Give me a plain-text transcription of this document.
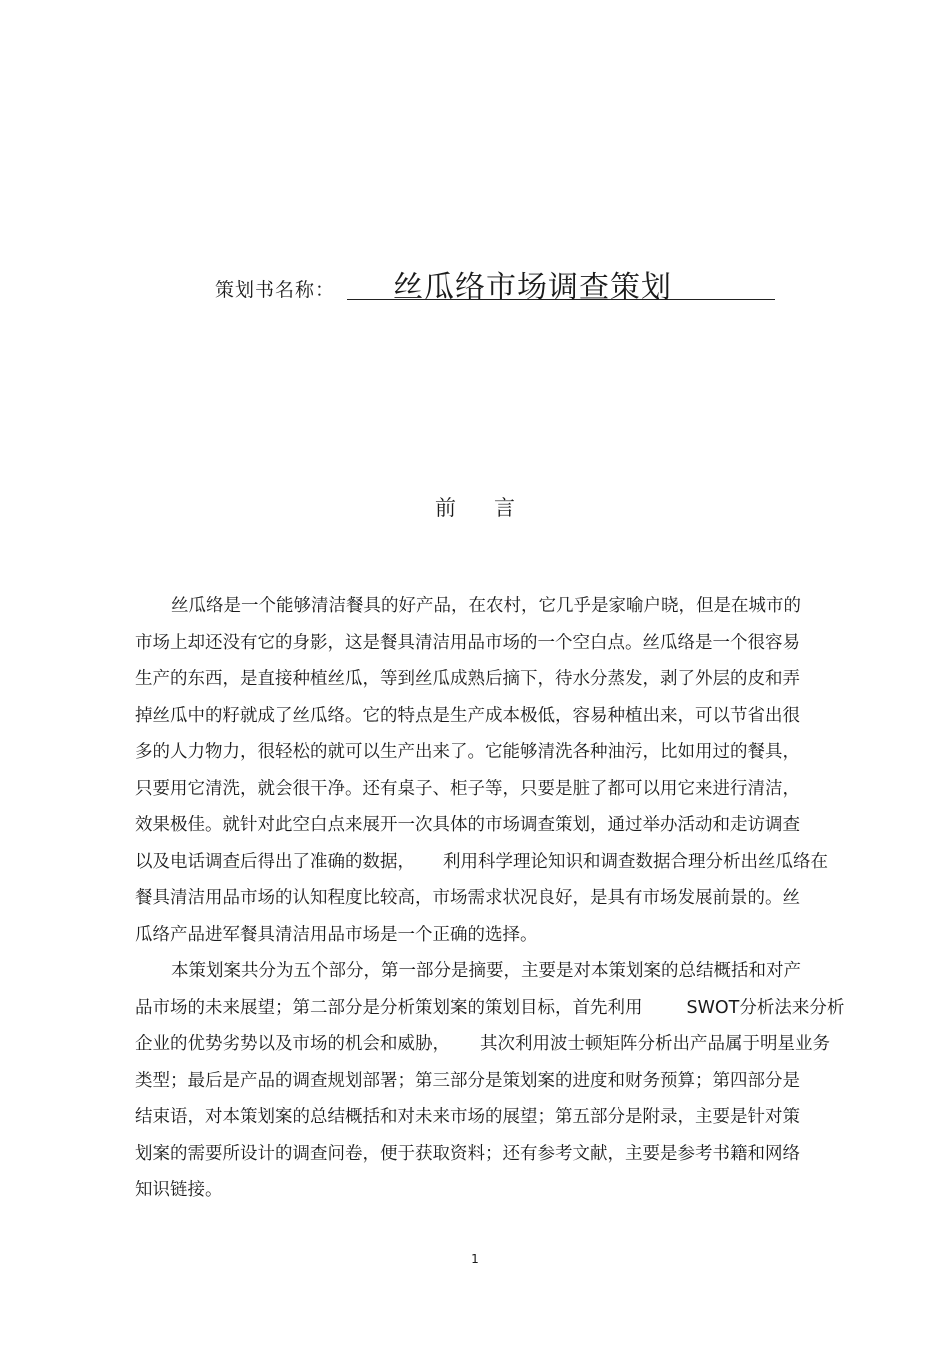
策划书名称： 丝瓜络市场调查策划
前言

丝瓜络是一个能够清洁餐具的好产品，在农村，它几乎是家喻户晓，但是在城市的
市场上却还没有它的身影，这是餐具清洁用品市场的一个空白点。丝瓜络是一个很容易
生产的东西，是直接种植丝瓜，等到丝瓜成熟后摘下，待水分蒸发，剥了外层的皮和弄
掉丝瓜中的籽就成了丝瓜络。它的特点是生产成本极低，容易种植出来，可以节省出很
多的人力物力，很轻松的就可以生产出来了。它能够清洗各种油污，比如用过的餐具，
只要用它清洗，就会很干净。还有桌子、柜子等，只要是脏了都可以用它来进行清洁，
效果极佳。就针对此空白点来展开一次具体的市场调查策划，通过举办活动和走访调查
以及电话调查后得出了准确的数据， 利用科学理论知识和调查数据合理分析出丝瓜络在
餐具清洁用品市场的认知程度比较高，市场需求状况良好，是具有市场发展前景的。丝
瓜络产品进军餐具清洁用品市场是一个正确的选择。

本策划案共分为五个部分，第一部分是摘要，主要是对本策划案的总结概括和对产
品市场的未来展望；第二部分是分析策划案的策划目标，首先利用	SWOT分析法来分析
企业的优势劣势以及市场的机会和威胁， 其次利用波士顿矩阵分析出产品属于明星业务
类型；最后是产品的调查规划部署；第三部分是策划案的进度和财务预算；第四部分是
结束语，对本策划案的总结概括和对未来市场的展望；第五部分是附录，主要是针对策
划案的需要所设计的调查问卷，便于获取资料；还有参考文献，主要是参考书籍和网络
知识链接。

1
